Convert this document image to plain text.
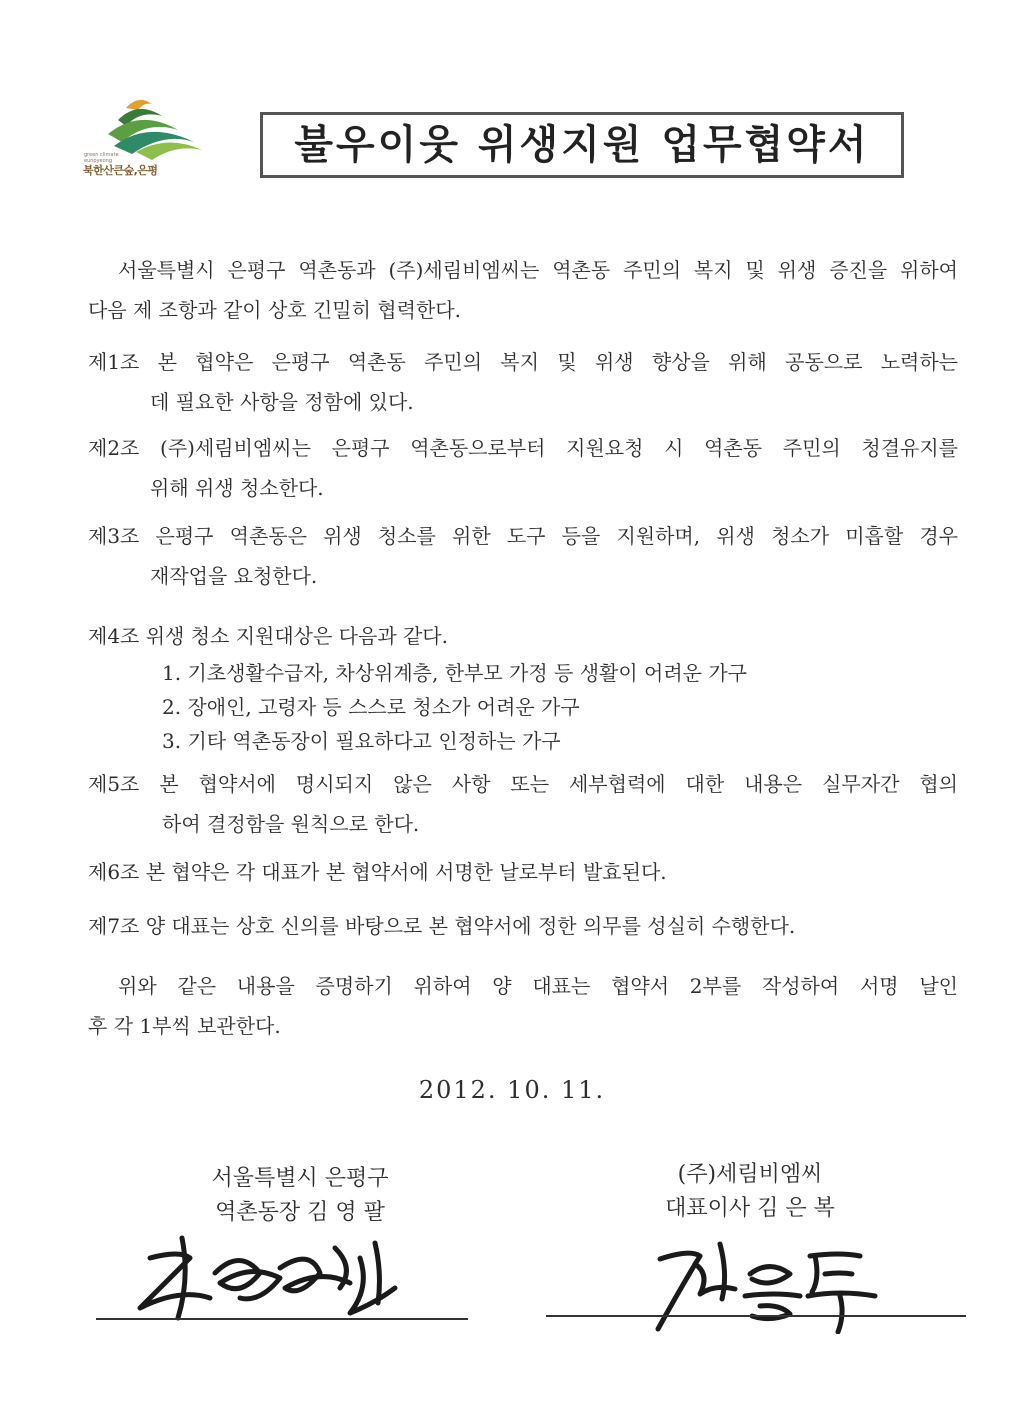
green climate
eunpyeong
북한산큰숲,은평
불우이웃 위생지원 업무협약서
서울특별시 은평구 역촌동과 (주)세림비엠씨는 역촌동 주민의 복지 및 위생 증진을 위하여
다음 제 조항과 같이 상호 긴밀히 협력한다.
제1조 본 협약은 은평구 역촌동 주민의 복지 및 위생 향상을 위해 공동으로 노력하는
데 필요한 사항을 정함에 있다.
제2조 (주)세림비엠씨는 은평구 역촌동으로부터 지원요청 시 역촌동 주민의 청결유지를
위해 위생 청소한다.
제3조 은평구 역촌동은 위생 청소를 위한 도구 등을 지원하며, 위생 청소가 미흡할 경우
재작업을 요청한다.
제4조 위생 청소 지원대상은 다음과 같다.
1. 기초생활수급자, 차상위계층, 한부모 가정 등 생활이 어려운 가구
2. 장애인, 고령자 등 스스로 청소가 어려운 가구
3. 기타 역촌동장이 필요하다고 인정하는 가구
제5조 본 협약서에 명시되지 않은 사항 또는 세부협력에 대한 내용은 실무자간 협의
하여 결정함을 원칙으로 한다.
제6조 본 협약은 각 대표가 본 협약서에 서명한 날로부터 발효된다.
제7조 양 대표는 상호 신의를 바탕으로 본 협약서에 정한 의무를 성실히 수행한다.
위와 같은 내용을 증명하기 위하여 양 대표는 협약서 2부를 작성하여 서명 날인
후 각 1부씩 보관한다.
2012. 10. 11.
서울특별시 은평구
역촌동장 김 영 팔
(주)세림비엠씨
대표이사 김 은 복
